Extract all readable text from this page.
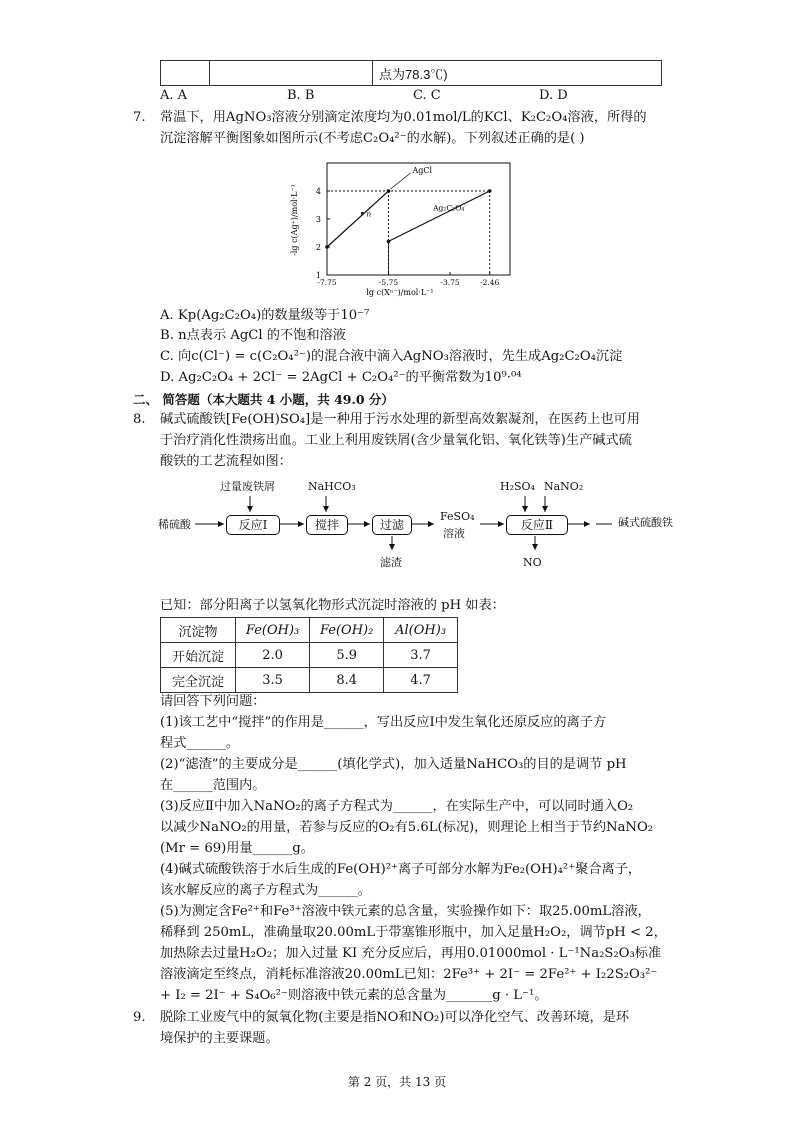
		点为78.3℃)
A. A	B. B	C. C	D. D
7. 常温下，用AgNO₃溶液分别滴定浓度均为0.01mol/L的KCl、K₂C₂O₄溶液，所得的
沉淀溶解平衡图象如图所示(不考虑C₂O₄²⁻的水解)。下列叙述正确的是( )
-lg c(Ag⁺)/mol·L⁻¹
lg c(Xⁿ⁻)/mol·L⁻¹
1
2
3
4
-7.75	-5.75	-3.75	-2.46
AgCl
Ag₂C₂O₄
n
A. Kp(Ag₂C₂O₄)的数量级等于10⁻⁷
B. n点表示 AgCl 的不饱和溶液
C. 向c(Cl⁻) = c(C₂O₄²⁻)的混合液中滴入AgNO₃溶液时，先生成Ag₂C₂O₄沉淀
D. Ag₂C₂O₄ + 2Cl⁻ = 2AgCl + C₂O₄²⁻的平衡常数为10⁹·⁰⁴
二、 简答题（本大题共 4 小题，共 49.0 分）
8. 碱式硫酸铁[Fe(OH)SO₄]是一种用于污水处理的新型高效絮凝剂，在医药上也可用
于治疗消化性溃疡出血。工业上利用废铁屑(含少量氧化铝、氧化铁等)生产碱式硫
酸铁的工艺流程如图：
稀硫酸	反应Ⅰ
过量废铁屑
搅拌
NaHCO₃
过滤
滤渣
FeSO₄
溶液
反应Ⅱ
H₂SO₄ NaNO₂
NO
碱式硫酸铁
已知：部分阳离子以氢氧化物形式沉淀时溶液的 pH 如表：
沉淀物	Fe(OH)₃	Fe(OH)₂	Al(OH)₃
开始沉淀	2.0	5.9	3.7
完全沉淀	3.5	8.4	4.7
请回答下列问题：
(1)该工艺中“搅拌”的作用是______，写出反应Ⅰ中发生氧化还原反应的离子方
程式______。
(2)“滤渣”的主要成分是______(填化学式)，加入适量NaHCO₃的目的是调节 pH
在______范围内。
(3)反应Ⅱ中加入NaNO₂的离子方程式为______，在实际生产中，可以同时通入O₂
以减少NaNO₂的用量，若参与反应的O₂有5.6L(标况)，则理论上相当于节约NaNO₂
(Mr = 69)用量______g。
(4)碱式硫酸铁溶于水后生成的Fe(OH)²⁺离子可部分水解为Fe₂(OH)₄²⁺聚合离子，
该水解反应的离子方程式为______。
(5)为测定含Fe²⁺和Fe³⁺溶液中铁元素的总含量，实验操作如下：取25.00mL溶液，
稀释到 250mL，准确量取20.00mL于带塞锥形瓶中，加入足量H₂O₂，调节pH < 2，
加热除去过量H₂O₂；加入过量 KI 充分反应后，再用0.01000mol · L⁻¹Na₂S₂O₃标准
溶液滴定至终点，消耗标准溶液20.00mL已知：2Fe³⁺ + 2I⁻ = 2Fe²⁺ + I₂2S₂O₃²⁻
+ I₂ = 2I⁻ + S₄O₆²⁻则溶液中铁元素的总含量为_______g · L⁻¹。
9. 脱除工业废气中的氮氧化物(主要是指NO和NO₂)可以净化空气、改善环境，是环
境保护的主要课题。
第 2 页，共 13 页
